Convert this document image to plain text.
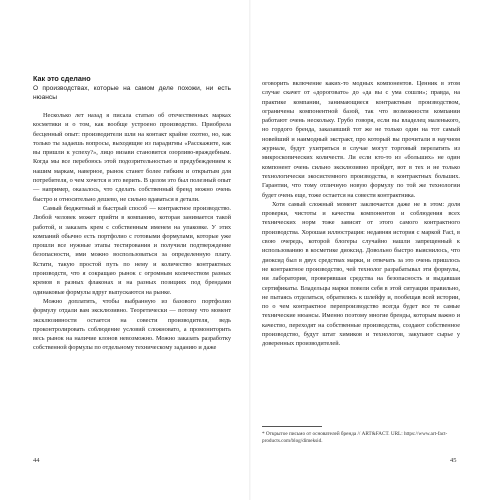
Как это сделано
О производствах, которые на самом деле похожи, ни есть нюансы

Несколько лет назад я писала статью об отечественных марках косметики и о том, как вообще устроено производство. Приобрела бесценный опыт: производители шли на контакт крайне охотно, но, как только ты задаешь вопросы, выходящие из парадигмы «Расскажите, как вы пришли к успеху?», лицо визави становится озорливо-враждебным. Когда мы все перебоюсь этой подозрительностью и предубеждением к нашим маркам, наверное, рынок станет более гибким и открытым для потребителя, о чем хочется я это верить. В целом это был полезный опыт — например, оказалось, что сделать собственный бренд можно очень быстро и относительно дешево, не сильно вдаваться в детали.

Самый бюджетный и быстрый способ — контрактное производство. Любой человек может прийти в компанию, которая занимается такой работой, и заказать крем с собственным именем на упаковке. У этих компаний обычно есть портфолио с готовыми формулами, которые уже прошли все нужные этапы тестирования и получили подтверждение безопасности, ими можно воспользоваться за определенную плату. Кстати, такую простой путь по нему и количество контрактных производств, что я сокращаю рынок с огромным количеством разных кремов в разных флаконах и на разных позициях под брендами одинаковые формулы вдруг выпускаются на рынке.

Можно доплатить, чтобы выбранную из базового портфолио формулу отдали вам эксклюзивно. Теоретически — потому что момент эксклюзивности остается на совести производителя, ведь проконтролировать соблюдение условий сложновато, а промониторить весь рынок на наличие клонов невозможно. Можно заказать разработку собственной формулы по отдельному техническому заданию и даже

44

оговорить включение каких-то модных компонентов. Ценник в этом случае скачет от «дороговато» до «да вы с ума сошли»; правда, на практике компании, занимающиеся контрактным производством, ограничены компонентной базой, так что возможности компании работают очень нескольку. Грубо говоря, если вы владелец маленького, но гордого бренда, заказавший тот же не только один на тот самый новейший и наимодный экстракт, про который вы прочитали в научном журнале, будут ухитряться в случае могут торговый перелатить из микроскопических количеств. Ли если кто-то из «больших» не один компонент очень сильно эксклюзивно пройдет, вот в тех и не только технологически экосистемного производства, в контрактных больших. Гарантии, что тому отличную новую формулу по той же технологии будет очень еще, тоже остается на совести контрактника.

Хотя самый сложный момент заключается даже не в этом: доля проверки, чистоты и качества компонентов и соблюдения всех технических норм тоже зависят от этого самого контрактного производства. Хорошая иллюстрация: недавняя история с маркой Fact, в свою очередь, которой блогеры случайно нашли запрещенный к использованию в косметике диоксид. Довольно быстро выяснилось, что диоксид был в двух средствах марки, и отвечать за это очень пришлось не контрактное производство, чей технолог разрабатывал эти формулы, ни лаборатория, проверявшая средства на безопасность и выдавшая сертификаты. Владельцы марки повели себя в этой ситуации правильно, не пытаясь отделаться, обратились к шлейфу и, пообещав всей истории, по о чем контрактное перепроизводство всегда будет все те самые технические нюансы. Именно поэтому многие бренды, которым важно и качество, переходят на собственные производства, создают собственное производство, будут штат химиков и технологов, закупают сырье у доверенных производителей.

* Открытое письмо от основателей бренда // ART&FACT. URL: https://www.art-fact-products.com/blog/dimeksid.
45
